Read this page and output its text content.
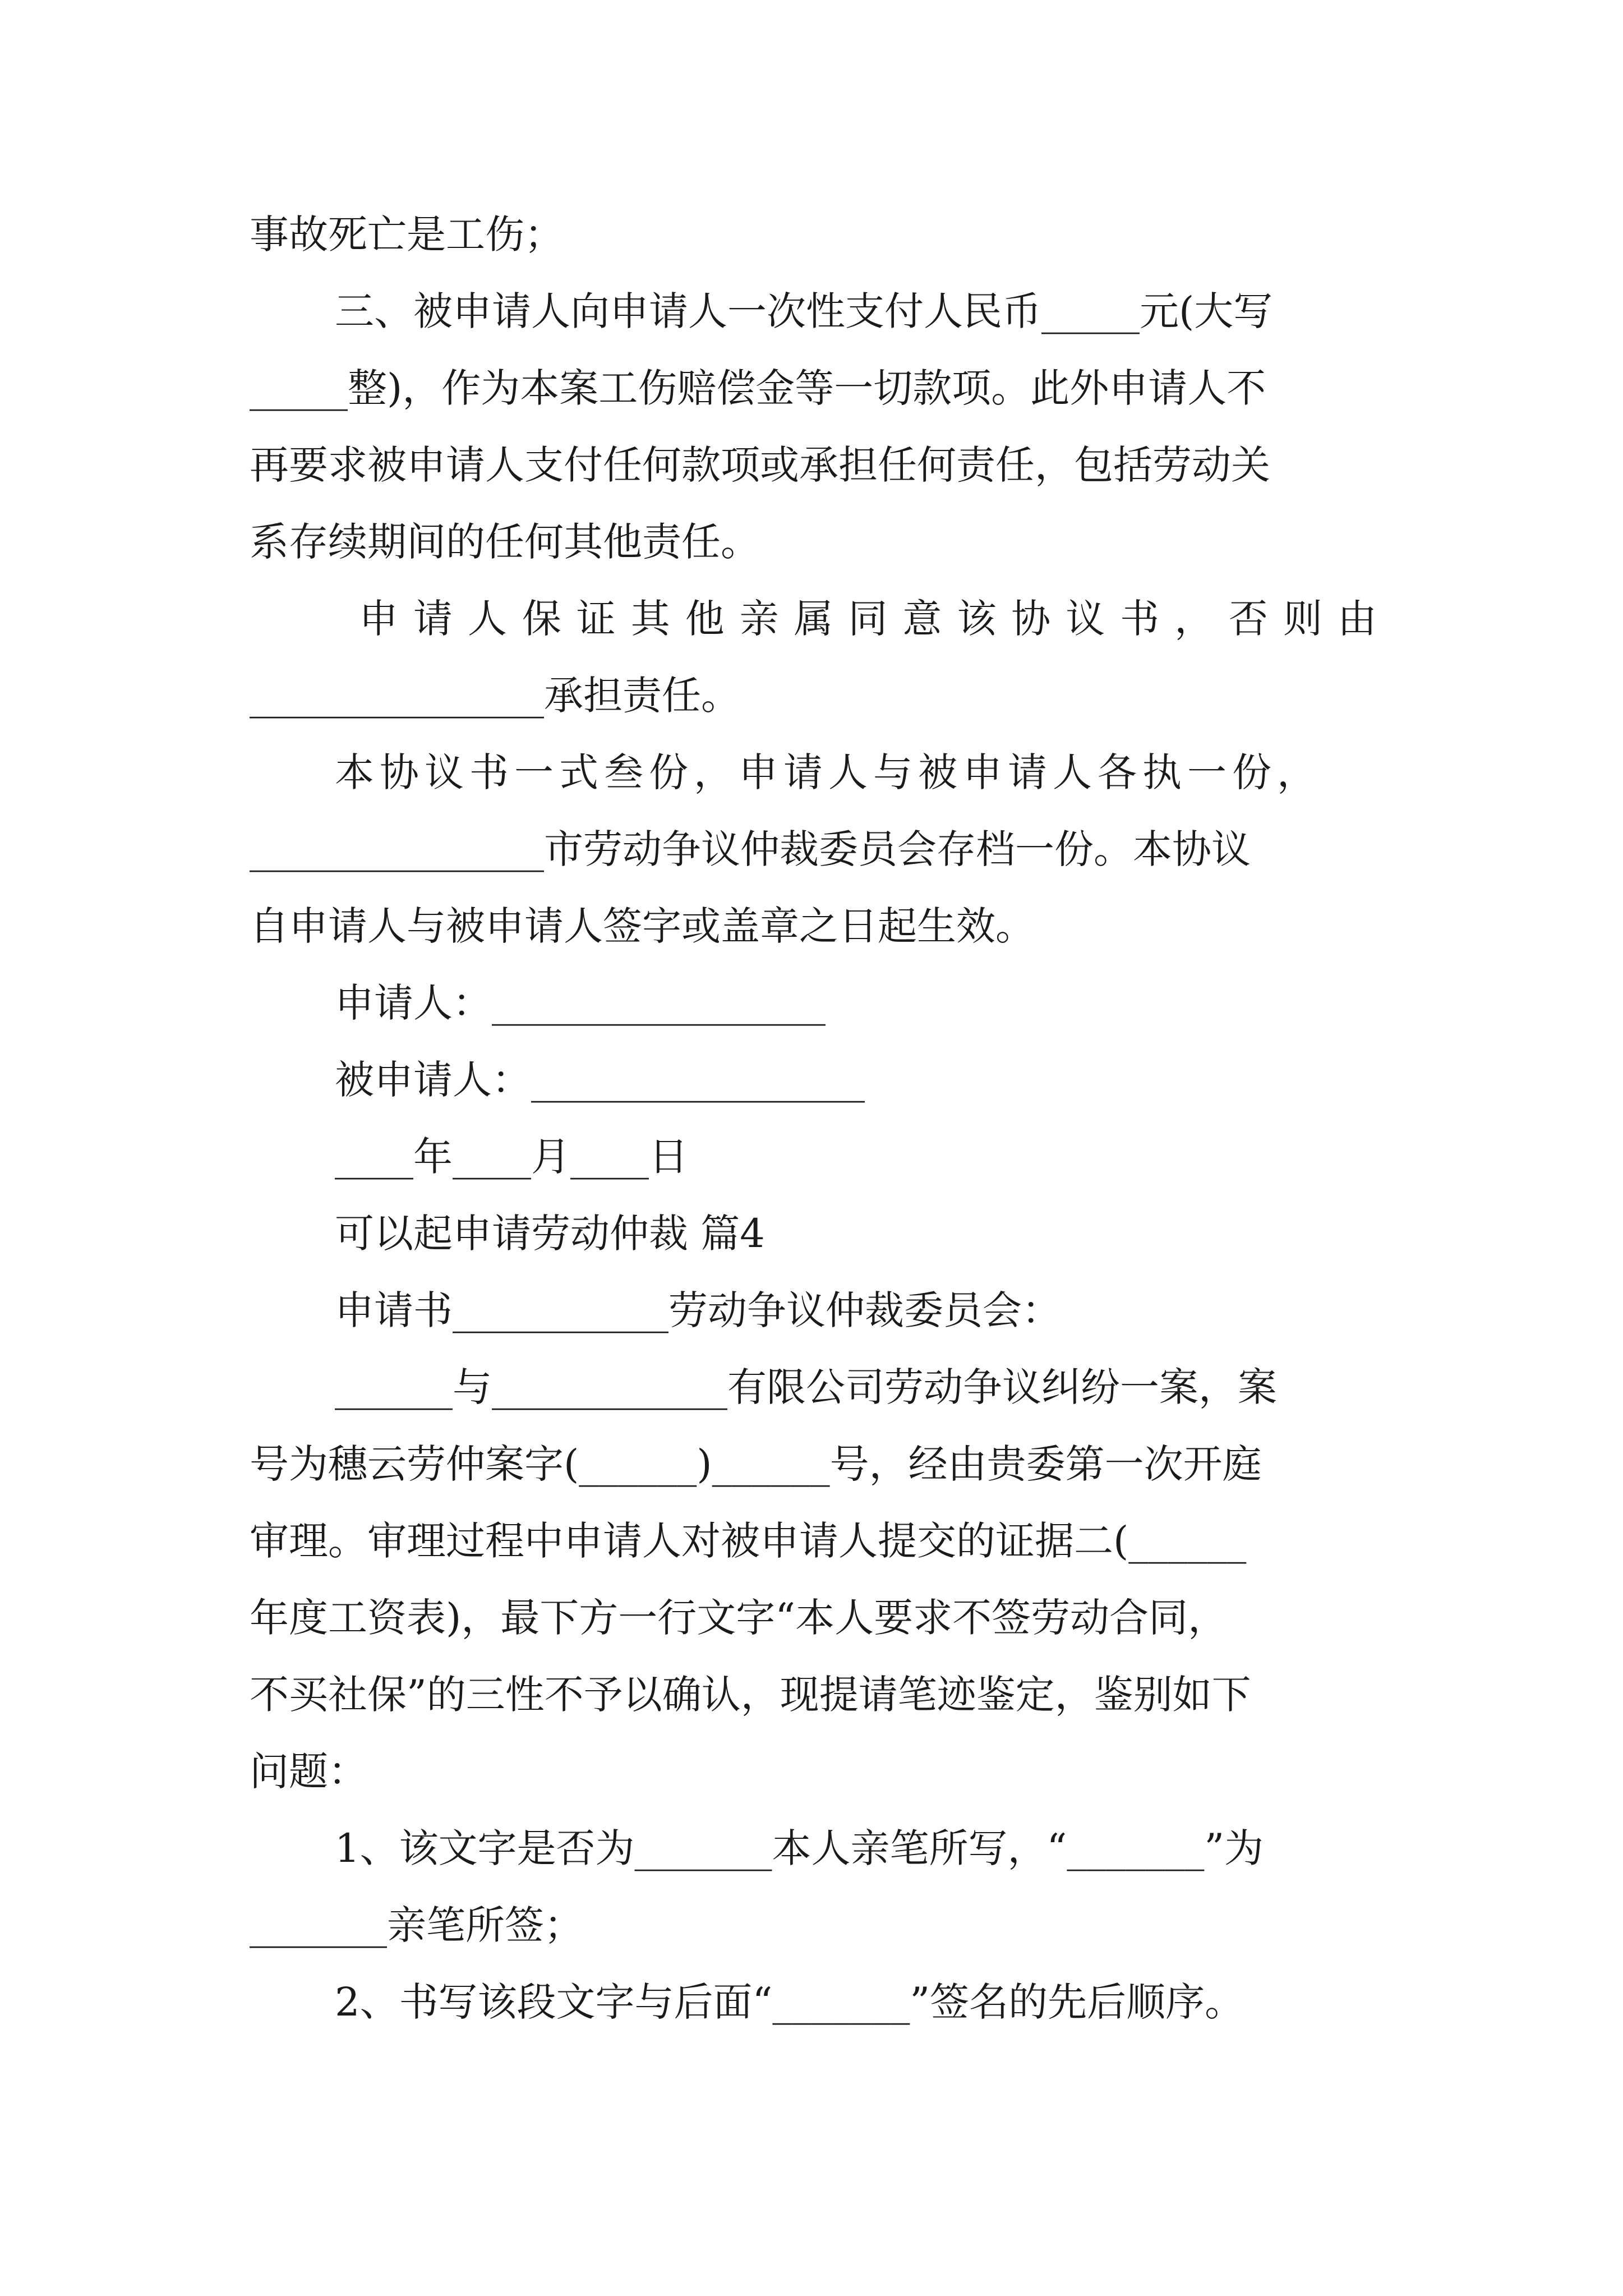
事故死亡是工伤；
三、被申请人向申请人一次性支付人民币_____元(大写
_____整)，作为本案工伤赔偿金等一切款项。此外申请人不
再要求被申请人支付任何款项或承担任何责任，包括劳动关
系存续期间的任何其他责任。
申 请 人 保 证 其 他 亲 属 同 意 该 协 议 书 ， 否 则 由
_______________承担责任。
本协议书一式叁份，申请人与被申请人各执一份，
_______________市劳动争议仲裁委员会存档一份。本协议
自申请人与被申请人签字或盖章之日起生效。
申请人：_________________
被申请人：_________________
____年____月____日
可以起申请劳动仲裁 篇4
申请书___________劳动争议仲裁委员会：
______与____________有限公司劳动争议纠纷一案，案
号为穗云劳仲案字(______)______号，经由贵委第一次开庭
审理。审理过程中申请人对被申请人提交的证据二(______
年度工资表)，最下方一行文字“本人要求不签劳动合同，
不买社保”的三性不予以确认，现提请笔迹鉴定，鉴别如下
问题：
1、该文字是否为_______本人亲笔所写，“_______”为
_______亲笔所签；
2、书写该段文字与后面“_______”签名的先后顺序。
